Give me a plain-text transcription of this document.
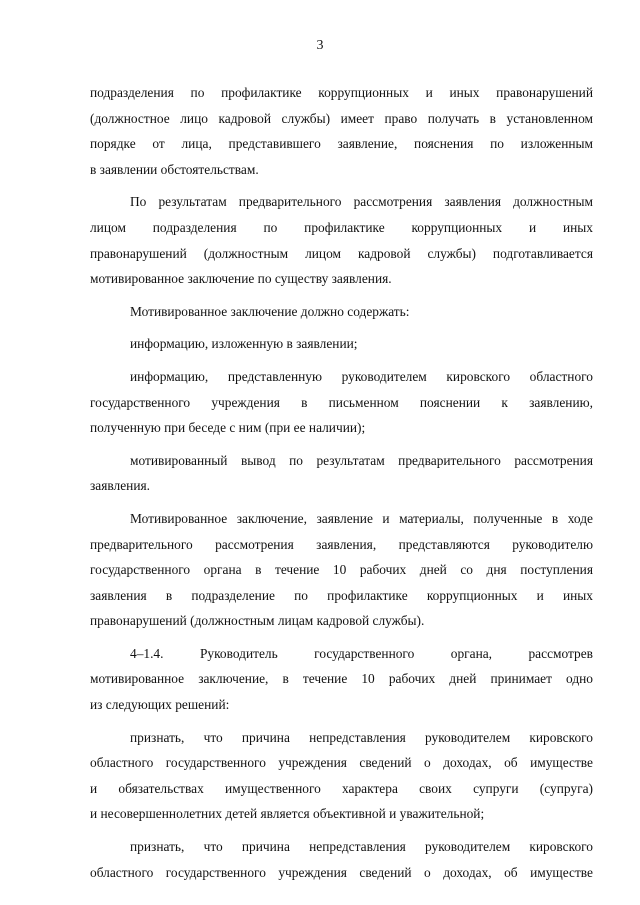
3
подразделения по профилактике коррупционных и иных правонарушений
(должностное лицо кадровой службы) имеет право получать в установленном
порядке от лица, представившего заявление, пояснения по изложенным
в заявлении обстоятельствам.
По результатам предварительного рассмотрения заявления должностным
лицом подразделения по профилактике коррупционных и иных
правонарушений (должностным лицом кадровой службы) подготавливается
мотивированное заключение по существу заявления.
Мотивированное заключение должно содержать:
информацию, изложенную в заявлении;
информацию, представленную руководителем кировского областного
государственного учреждения в письменном пояснении к заявлению,
полученную при беседе с ним (при ее наличии);
мотивированный вывод по результатам предварительного рассмотрения
заявления.
Мотивированное заключение, заявление и материалы, полученные в ходе
предварительного рассмотрения заявления, представляются руководителю
государственного органа в течение 10 рабочих дней со дня поступления
заявления в подразделение по профилактике коррупционных и иных
правонарушений (должностным лицам кадровой службы).
4–1.4. Руководитель государственного органа, рассмотрев
мотивированное заключение, в течение 10 рабочих дней принимает одно
из следующих решений:
признать, что причина непредставления руководителем кировского
областного государственного учреждения сведений о доходах, об имуществе
и обязательствах имущественного характера своих супруги (супруга)
и несовершеннолетних детей является объективной и уважительной;
признать, что причина непредставления руководителем кировского
областного государственного учреждения сведений о доходах, об имуществе
